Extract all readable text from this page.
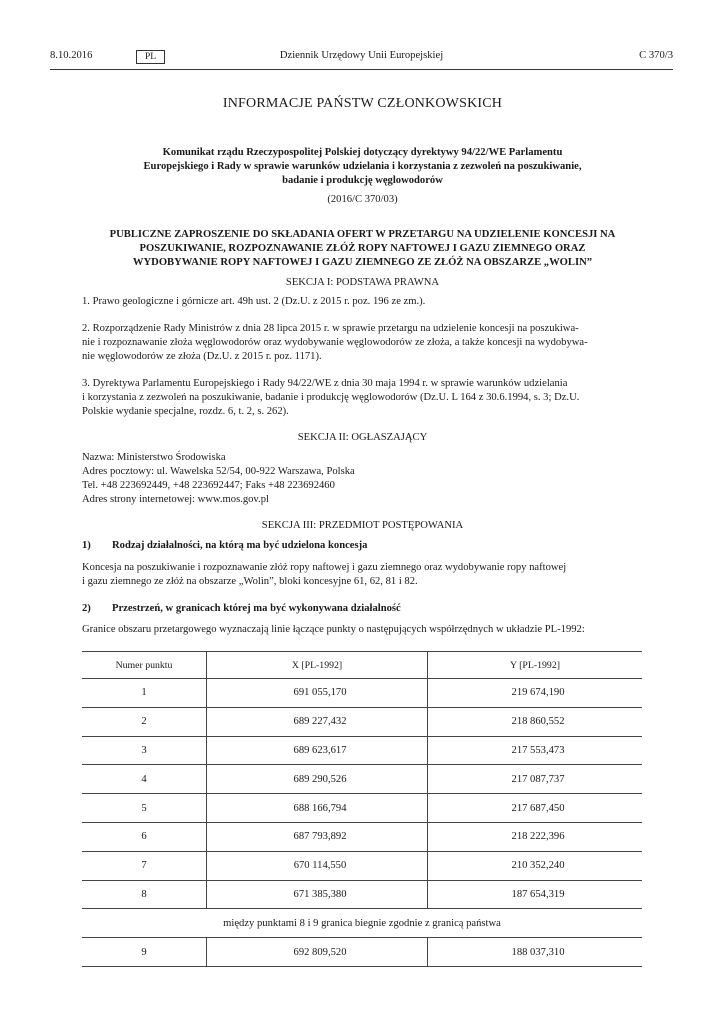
8.10.2016	PL	Dziennik Urzędowy Unii Europejskiej	C 370/3
INFORMACJE PAŃSTW CZŁONKOWSKICH
Komunikat rządu Rzeczypospolitej Polskiej dotyczący dyrektywy 94/22/WE Parlamentu
Europejskiego i Rady w sprawie warunków udzielania i korzystania z zezwoleń na poszukiwanie,
badanie i produkcję węglowodorów
(2016/C 370/03)
PUBLICZNE ZAPROSZENIE DO SKŁADANIA OFERT W PRZETARGU NA UDZIELENIE KONCESJI NA
POSZUKIWANIE, ROZPOZNAWANIE ZŁÓŻ ROPY NAFTOWEJ I GAZU ZIEMNEGO ORAZ
WYDOBYWANIE ROPY NAFTOWEJ I GAZU ZIEMNEGO ZE ZŁÓŻ NA OBSZARZE „WOLIN”
SEKCJA I: PODSTAWA PRAWNA
1. Prawo geologiczne i górnicze art. 49h ust. 2 (Dz.U. z 2015 r. poz. 196 ze zm.).
2. Rozporządzenie Rady Ministrów z dnia 28 lipca 2015 r. w sprawie przetargu na udzielenie koncesji na poszukiwa-
nie i rozpoznawanie złoża węglowodorów oraz wydobywanie węglowodorów ze złoża, a także koncesji na wydobywa-
nie węglowodorów ze złoża (Dz.U. z 2015 r. poz. 1171).
3. Dyrektywa Parlamentu Europejskiego i Rady 94/22/WE z dnia 30 maja 1994 r. w sprawie warunków udzielania
i korzystania z zezwoleń na poszukiwanie, badanie i produkcję węglowodorów (Dz.U. L 164 z 30.6.1994, s. 3; Dz.U.
Polskie wydanie specjalne, rozdz. 6, t. 2, s. 262).
SEKCJA II: OGŁASZAJĄCY
Nazwa: Ministerstwo Środowiska
Adres pocztowy: ul. Wawelska 52/54, 00-922 Warszawa, Polska
Tel. +48 223692449, +48 223692447; Faks +48 223692460
Adres strony internetowej: www.mos.gov.pl
SEKCJA III: PRZEDMIOT POSTĘPOWANIA
1) Rodzaj działalności, na którą ma być udzielona koncesja
Koncesja na poszukiwanie i rozpoznawanie złóż ropy naftowej i gazu ziemnego oraz wydobywanie ropy naftowej
i gazu ziemnego ze złóż na obszarze „Wolin”, bloki koncesyjne 61, 62, 81 i 82.
2) Przestrzeń, w granicach której ma być wykonywana działalność
Granice obszaru przetargowego wyznaczają linie łączące punkty o następujących współrzędnych w układzie PL-1992:
Numer punktu	X [PL-1992]	Y [PL-1992]
1	691 055,170	219 674,190
2	689 227,432	218 860,552
3	689 623,617	217 553,473
4	689 290,526	217 087,737
5	688 166,794	217 687,450
6	687 793,892	218 222,396
7	670 114,550	210 352,240
8	671 385,380	187 654,319
między punktami 8 i 9 granica biegnie zgodnie z granicą państwa		
9	692 809,520	188 037,310
